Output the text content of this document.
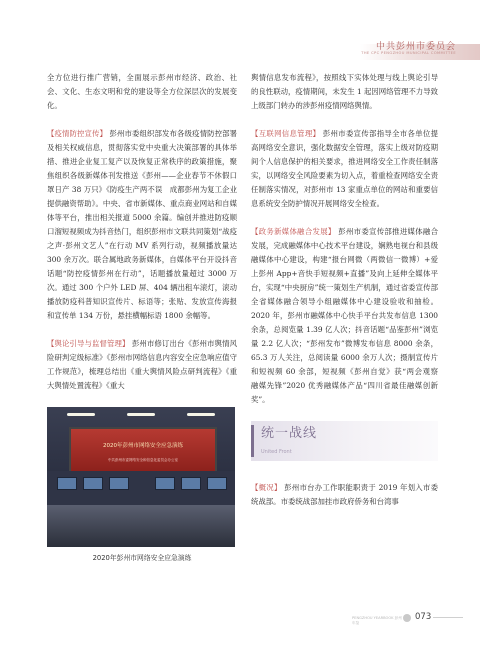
中共彭州市委员会
THE CPC PENGZHOU MUNICIPAL COMMITTEE

全方位进行推广营销，全面展示彭州市经济、政治、社会、文化、生态文明和党的建设等全方位深层次的发展变化。

【疫情防控宣传】 彭州市委组织部发布各级疫情防控部署及相关权威信息，贯彻落实党中央重大决策部署的具体举措、推进企业复工复产以及恢复正常秩序的政策措施，聚焦组织各级新媒体刊发推送《彭州——企业春节不休假口罩日产 38 万只》《防疫生产两不误　成都彭州为复工企业提供融资帮助》。中央、省市新媒体、重点商业网站和自媒体等平台，推出相关报道 5000 余篇。编创并推进防疫顺口溜短视频成为抖音热门，组织彭州市文联共同策划“战疫之声·彭州文艺人”在行动 MV 系列行动，视频播放量达 300 余万次。联合属地政务新媒体，自媒体平台开设抖音话题“防控疫情彭州在行动”，话题播放量超过 3000 万次。通过 300 个户外 LED 屏、404 辆出租车滚灯，滚动播放防疫科普知识宣传片、标语等；张贴、发放宣传海报和宣传单 134 万份，悬挂横幅标语 1800 余幅等。

【舆论引导与监督管理】 彭州市修订出台《彭州市舆情风险研判定级标准》《彭州市网络信息内容安全应急响应值守工作规范》，梳理总结出《重大舆情风险点研判流程》《重大舆情处置流程》《重大

2020年彭州市网络安全应急演练
中共彭州市委网络安全和信息化委员会办公室
2020年彭州市网络安全应急演练

舆情信息发布流程》，按照线下实体处理与线上舆论引导的良性联动，疫情期间，未发生 1 起因网络管理不力导致上级部门转办的涉彭州疫情网络舆情。

【互联网信息管理】 彭州市委宣传部指导全市各单位提高网络安全意识，强化数据安全管理，落实上级对防疫期间个人信息保护的相关要求，推进网络安全工作责任制落实，以网络安全风险要素为切入点，着重检查网络安全责任制落实情况，对彭州市 13 家重点单位的网站和重要信息系统安全防护情况开展网络安全检查。

【政务新媒体融合发展】 彭州市委宣传部推进媒体融合发展，完成融媒体中心技术平台建设，娴熟电视台和县级融媒体中心建设，构建“报台网微（两微信一微博）+爱上彭州 App+音快手短视频+直播”及向上延伸全媒体平台，实现“中央厨房”统一策划生产机制，通过省委宣传部全省媒体融合领导小组融媒体中心建设验收和抽检。2020 年，彭州市融媒体中心快手平台共发布信息 1300 余条，总阅览量 1.39 亿人次；抖音话题“品鉴彭州”浏览量 2.2 亿人次；“彭州发布”微博发布信息 8000 余条，65.3 万人关注，总阅读量 6000 余万人次；摄制宣传片和短视频 60 余部，短视频《彭州自觉》获“两会观察　融媒先锋”2020 优秀融媒体产品“四川省最佳融媒创新奖”。

统一战线
United Front

【概况】 彭州市台办工作职能职责于 2019 年划入市委统战部。市委统战部加挂市政府侨务和台湾事

PENGZHOU YEARBOOK 彭州年鉴
073
